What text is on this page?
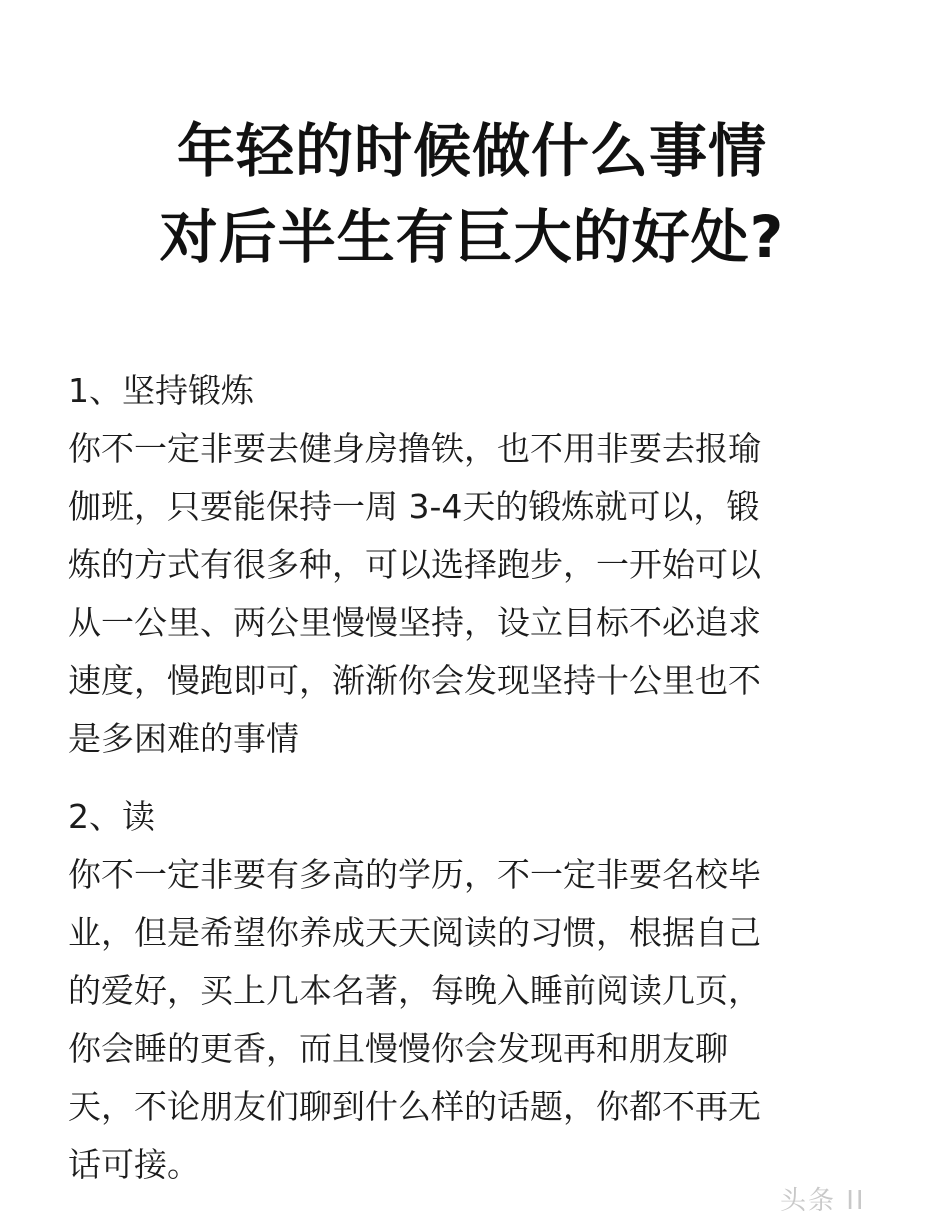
年轻的时候做什么事情
对后半生有巨大的好处?
1、坚持锻炼
你不一定非要去健身房撸铁，也不用非要去报瑜
伽班，只要能保持一周 3-4天的锻炼就可以，锻
炼的方式有很多种，可以选择跑步，一开始可以
从一公里、两公里慢慢坚持，设立目标不必追求
速度，慢跑即可，渐渐你会发现坚持十公里也不
是多困难的事情
2、读
你不一定非要有多高的学历，不一定非要名校毕
业，但是希望你养成天天阅读的习惯，根据自己
的爱好，买上几本名著，每晚入睡前阅读几页，
你会睡的更香，而且慢慢你会发现再和朋友聊
天，不论朋友们聊到什么样的话题，你都不再无
话可接。
头条 II
